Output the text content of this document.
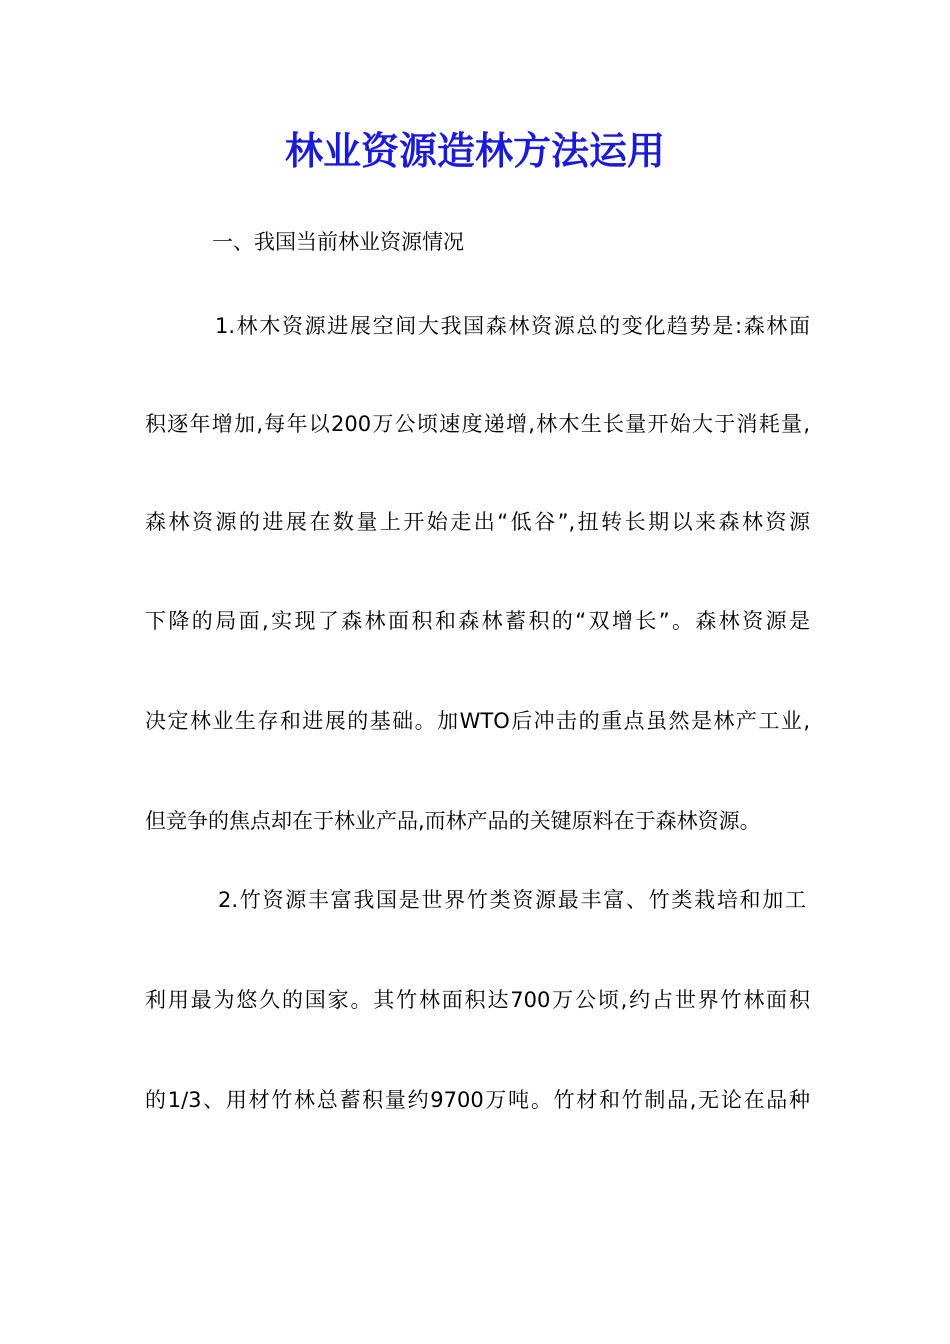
林业资源造林方法运用

一、我国当前林业资源情况

1.林木资源进展空间大我国森林资源总的变化趋势是:森林面

积逐年增加,每年以200万公顷速度递增,林木生长量开始大于消耗量,

森林资源的进展在数量上开始走出“低谷”,扭转长期以来森林资源

下降的局面,实现了森林面积和森林蓄积的“双增长”。森林资源是

决定林业生存和进展的基础。加WTO后冲击的重点虽然是林产工业,

但竞争的焦点却在于林业产品,而林产品的关键原料在于森林资源。

2.竹资源丰富我国是世界竹类资源最丰富、竹类栽培和加工

利用最为悠久的国家。其竹林面积达700万公顷,约占世界竹林面积

的1/3、用材竹林总蓄积量约9700万吨。竹材和竹制品,无论在品种
